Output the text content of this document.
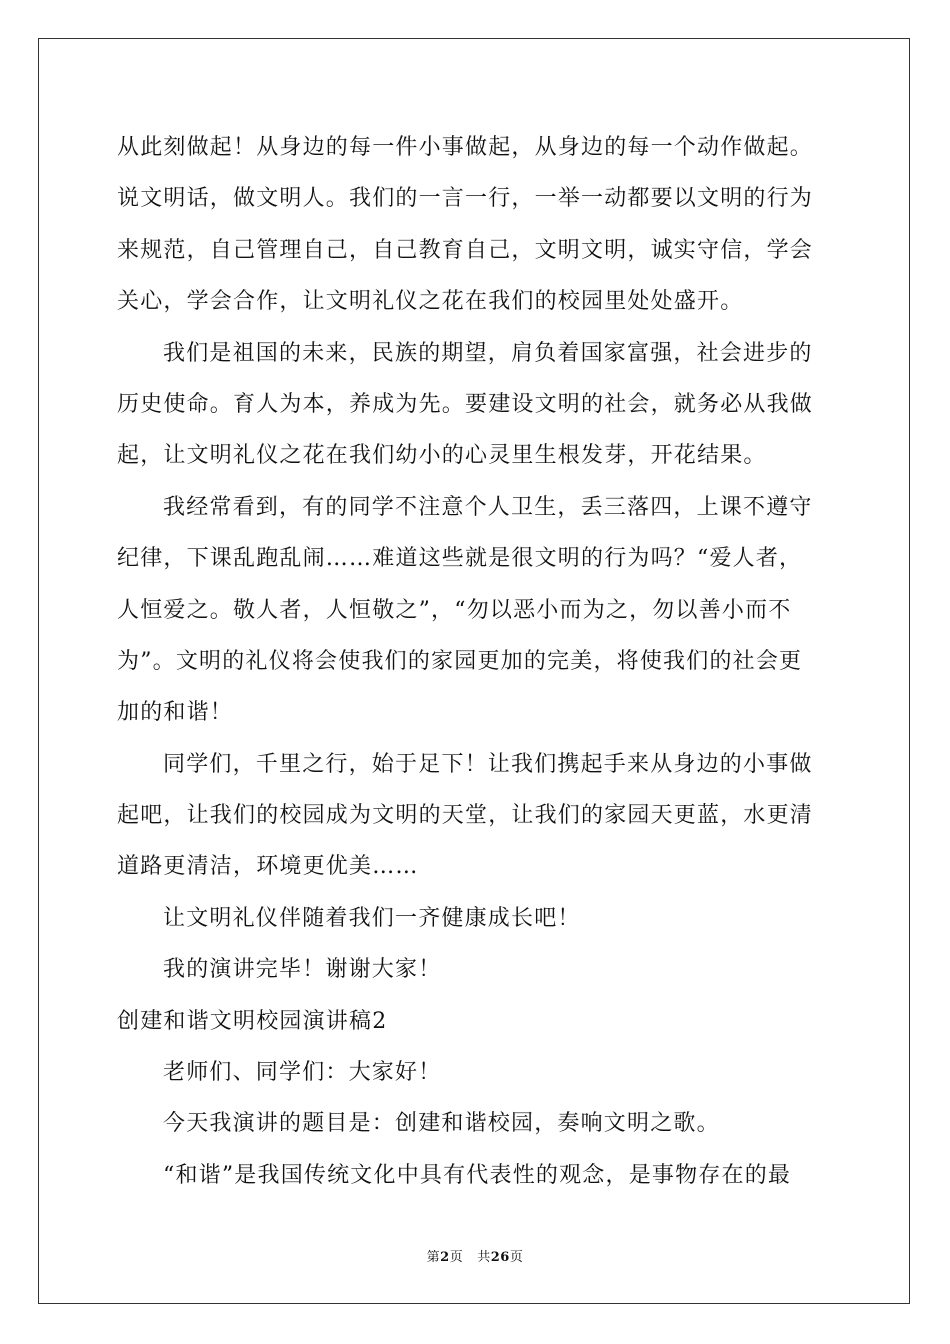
从此刻做起！从身边的每一件小事做起，从身边的每一个动作做起。
说文明话，做文明人。我们的一言一行，一举一动都要以文明的行为
来规范，自己管理自己，自己教育自己，文明文明，诚实守信，学会
关心，学会合作，让文明礼仪之花在我们的校园里处处盛开。
我们是祖国的未来，民族的期望，肩负着国家富强，社会进步的
历史使命。育人为本，养成为先。要建设文明的社会，就务必从我做
起，让文明礼仪之花在我们幼小的心灵里生根发芽，开花结果。
我经常看到，有的同学不注意个人卫生，丢三落四，上课不遵守
纪律，下课乱跑乱闹……难道这些就是很文明的行为吗？“爱人者，
人恒爱之。敬人者，人恒敬之”，“勿以恶小而为之，勿以善小而不
为”。文明的礼仪将会使我们的家园更加的完美，将使我们的社会更
加的和谐！
同学们，千里之行，始于足下！让我们携起手来从身边的小事做
起吧，让我们的校园成为文明的天堂，让我们的家园天更蓝，水更清
道路更清洁，环境更优美……
让文明礼仪伴随着我们一齐健康成长吧！
我的演讲完毕！谢谢大家！
创建和谐文明校园演讲稿2
老师们、同学们：大家好！
今天我演讲的题目是：创建和谐校园，奏响文明之歌。
“和谐”是我国传统文化中具有代表性的观念，是事物存在的最
第2页 共26页
